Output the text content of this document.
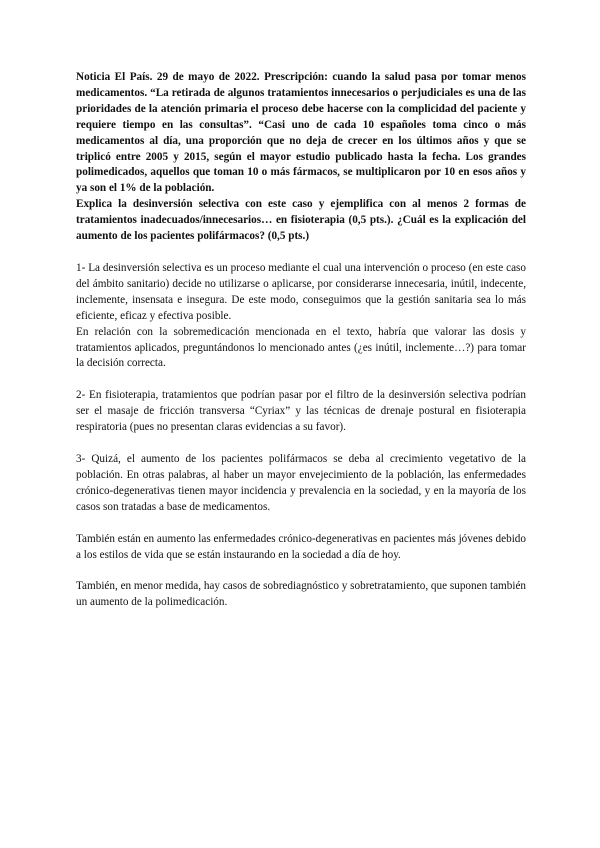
Noticia El País. 29 de mayo de 2022. Prescripción: cuando la salud pasa por tomar menos medicamentos. “La retirada de algunos tratamientos innecesarios o perjudiciales es una de las prioridades de la atención primaria el proceso debe hacerse con la complicidad del paciente y requiere tiempo en las consultas”. “Casi uno de cada 10 españoles toma cinco o más medicamentos al día, una proporción que no deja de crecer en los últimos años y que se triplicó entre 2005 y 2015, según el mayor estudio publicado hasta la fecha. Los grandes polimedicados, aquellos que toman 10 o más fármacos, se multiplicaron por 10 en esos años y ya son el 1% de la población.

Explica la desinversión selectiva con este caso y ejemplifica con al menos 2 formas de tratamientos inadecuados/innecesarios… en fisioterapia (0,5 pts.). ¿Cuál es la explicación del aumento de los pacientes polifármacos? (0,5 pts.)

1- La desinversión selectiva es un proceso mediante el cual una intervención o proceso (en este caso del ámbito sanitario) decide no utilizarse o aplicarse, por considerarse innecesaria, inútil, indecente, inclemente, insensata e insegura. De este modo, conseguimos que la gestión sanitaria sea lo más eficiente, eficaz y efectiva posible.

En relación con la sobremedicación mencionada en el texto, habría que valorar las dosis y tratamientos aplicados, preguntándonos lo mencionado antes (¿es inútil, inclemente…?) para tomar la decisión correcta.

2- En fisioterapia, tratamientos que podrían pasar por el filtro de la desinversión selectiva podrían ser el masaje de fricción transversa “Cyriax” y las técnicas de drenaje postural en fisioterapia respiratoria (pues no presentan claras evidencias a su favor).

3- Quizá, el aumento de los pacientes polifármacos se deba al crecimiento vegetativo de la población. En otras palabras, al haber un mayor envejecimiento de la población, las enfermedades crónico-degenerativas tienen mayor incidencia y prevalencia en la sociedad, y en la mayoría de los casos son tratadas a base de medicamentos.

También están en aumento las enfermedades crónico-degenerativas en pacientes más jóvenes debido a los estilos de vida que se están instaurando en la sociedad a día de hoy.

También, en menor medida, hay casos de sobrediagnóstico y sobretratamiento, que suponen también un aumento de la polimedicación.
